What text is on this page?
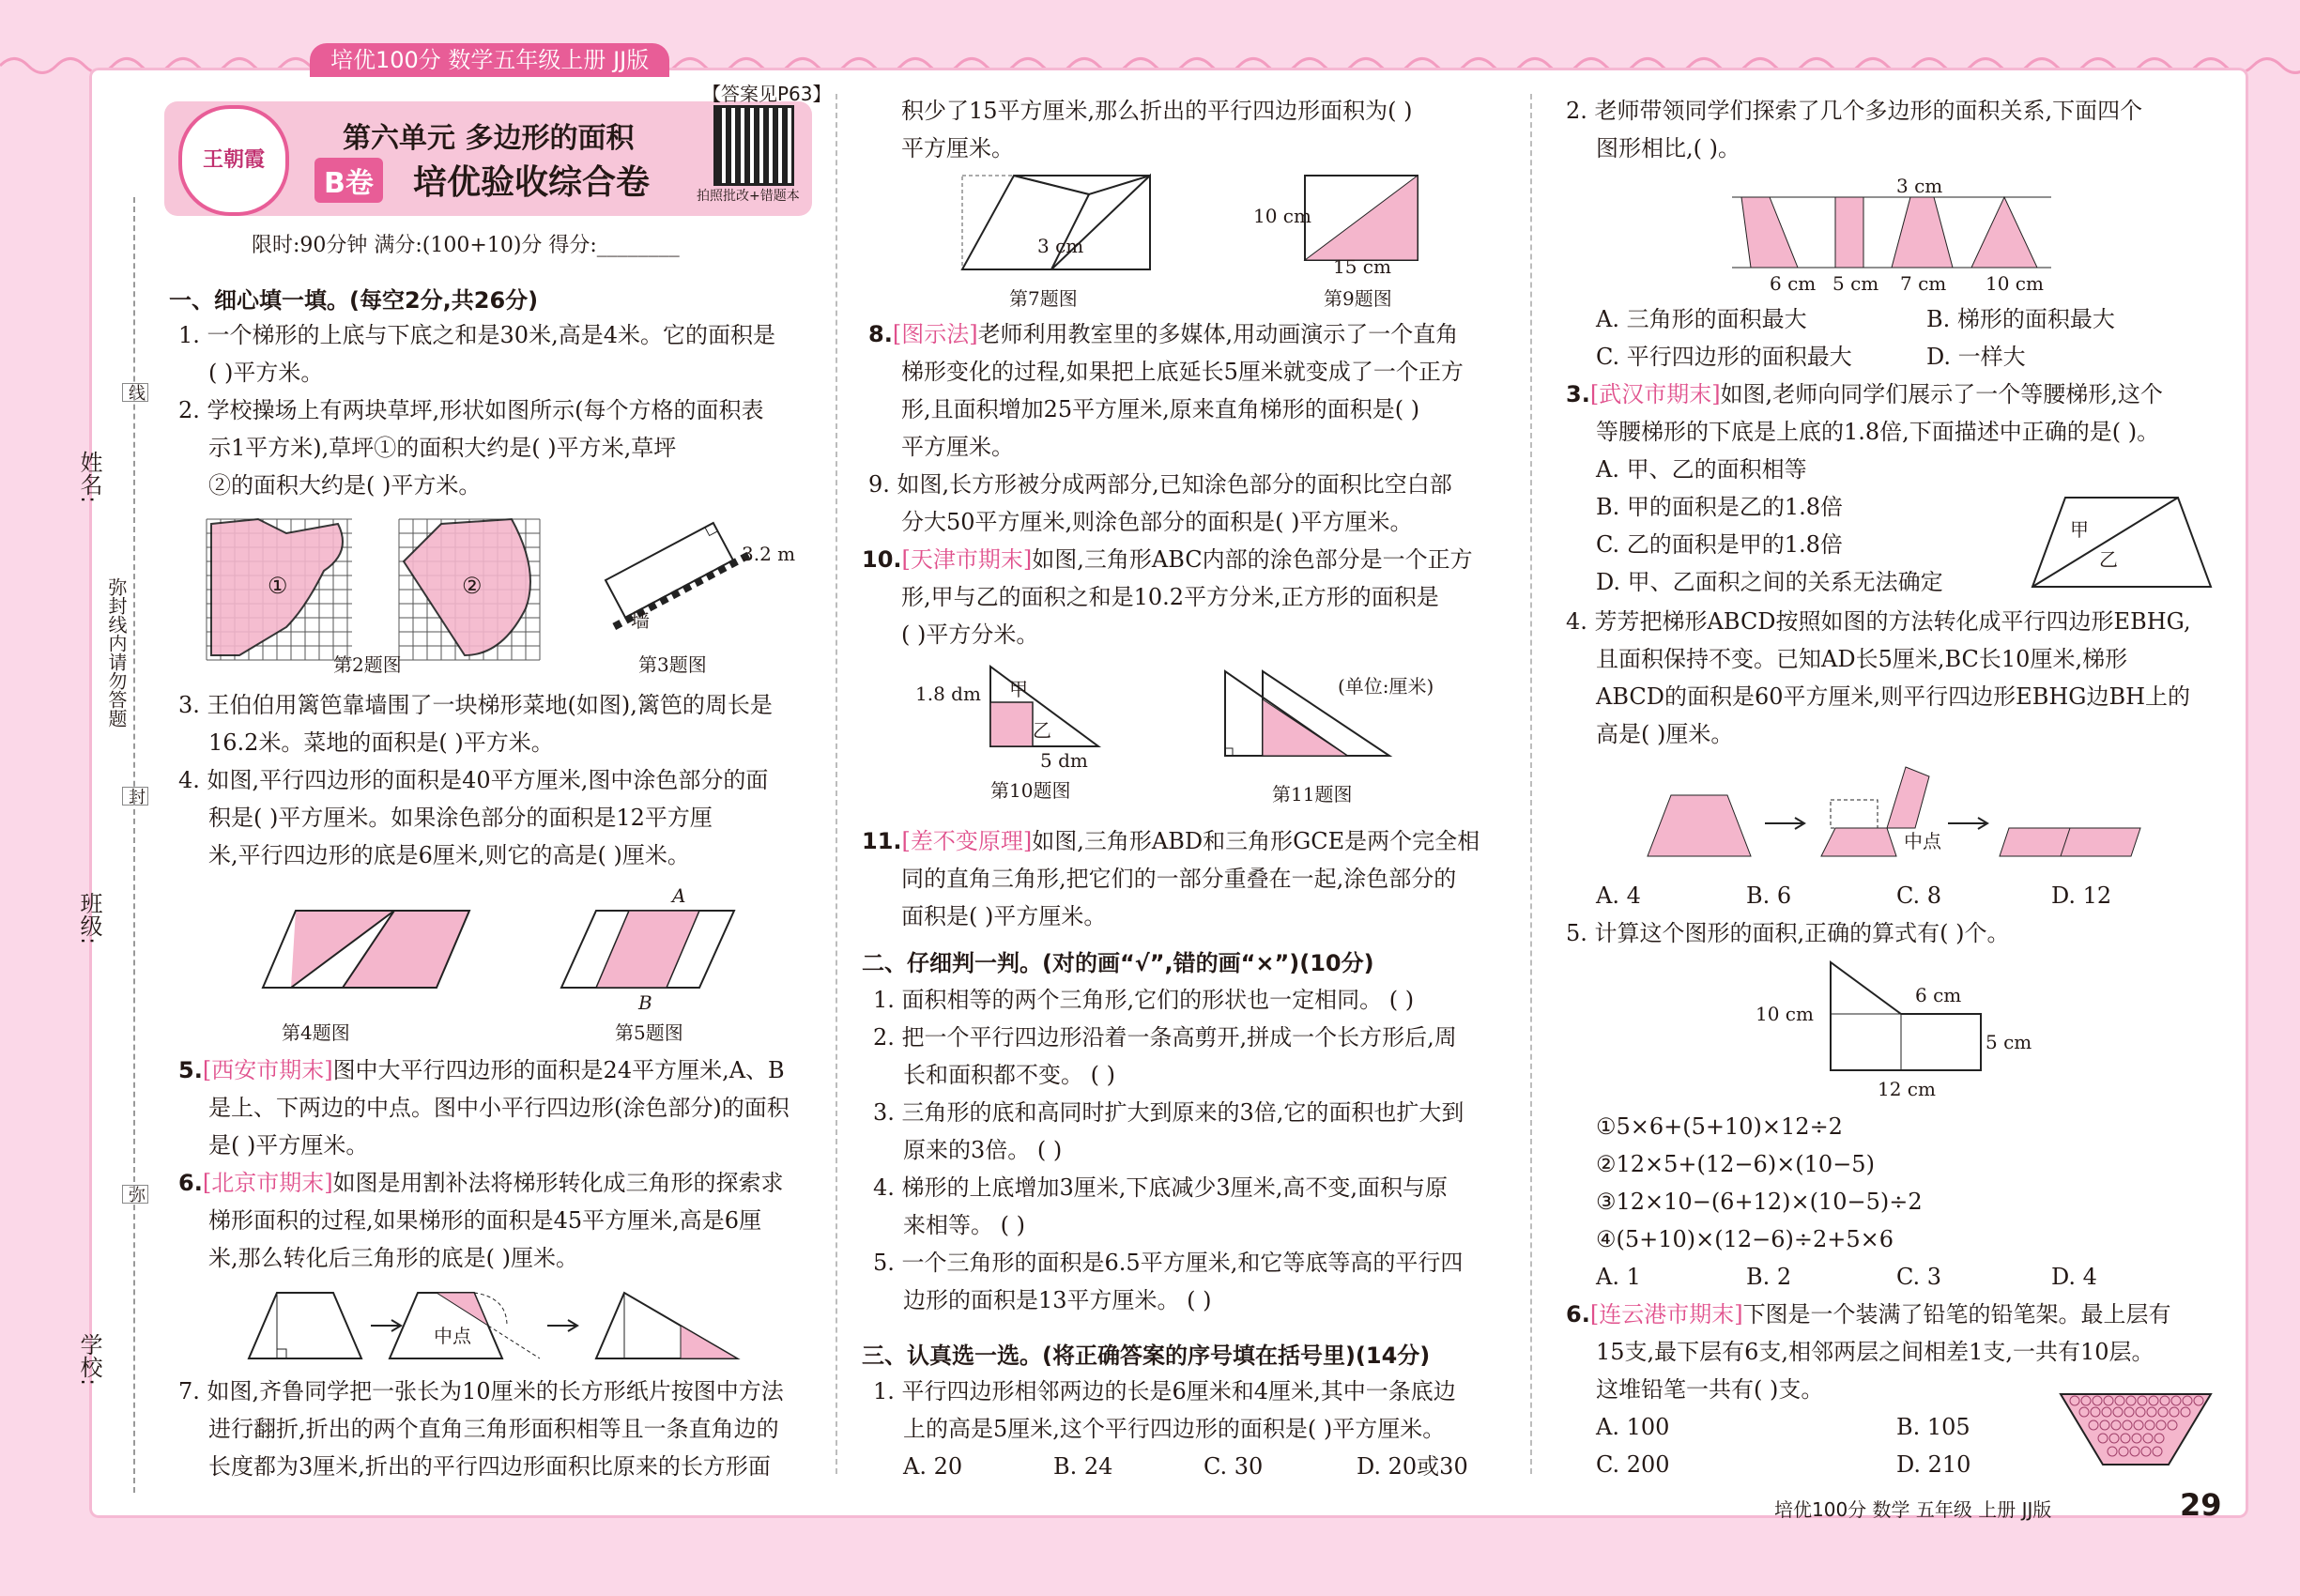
培优100分 数学五年级上册 JJ版
王朝霞
第六单元 多边形的面积
B卷 培优验收综合卷
【答案见P63】
拍照批改+错题本
限时:90分钟 满分:(100+10)分 得分:________
姓名:
班级:
学校:
弥封线内请勿答题
线
封
弥
一、细心填一填。(每空2分,共26分)
1. 一个梯形的上底与下底之和是30米,高是4米。它的面积是
( )平方米。
2. 学校操场上有两块草坪,形状如图所示(每个方格的面积表
示1平方米),草坪①的面积大约是( )平方米,草坪
②的面积大约是( )平方米。
①	②
3.2 m
墙
第2题图	第3题图
3. 王伯伯用篱笆靠墙围了一块梯形菜地(如图),篱笆的周长是
16.2米。菜地的面积是( )平方米。
4. 如图,平行四边形的面积是40平方厘米,图中涂色部分的面
积是( )平方厘米。如果涂色部分的面积是12平方厘
米,平行四边形的底是6厘米,则它的高是( )厘米。
A
B
第4题图	第5题图
5.[西安市期末]图中大平行四边形的面积是24平方厘米,A、B
是上、下两边的中点。图中小平行四边形(涂色部分)的面积
是( )平方厘米。
6.[北京市期末]如图是用割补法将梯形转化成三角形的探索求
梯形面积的过程,如果梯形的面积是45平方厘米,高是6厘
米,那么转化后三角形的底是( )厘米。
中点
7. 如图,齐鲁同学把一张长为10厘米的长方形纸片按图中方法
进行翻折,折出的两个直角三角形面积相等且一条直角边的
长度都为3厘米,折出的平行四边形面积比原来的长方形面
积少了15平方厘米,那么折出的平行四边形面积为( )
平方厘米。
3 cm
10 cm
15 cm
第7题图	第9题图
8.[图示法]老师利用教室里的多媒体,用动画演示了一个直角
梯形变化的过程,如果把上底延长5厘米就变成了一个正方
形,且面积增加25平方厘米,原来直角梯形的面积是( )
平方厘米。
9. 如图,长方形被分成两部分,已知涂色部分的面积比空白部
分大50平方厘米,则涂色部分的面积是( )平方厘米。
10.[天津市期末]如图,三角形ABC内部的涂色部分是一个正方
形,甲与乙的面积之和是10.2平方分米,正方形的面积是
( )平方分米。
1.8 dm
5 dm
甲
乙
(单位:厘米)
第10题图	第11题图
11.[差不变原理]如图,三角形ABD和三角形GCE是两个完全相
同的直角三角形,把它们的一部分重叠在一起,涂色部分的
面积是( )平方厘米。
二、仔细判一判。(对的画“√”,错的画“×”)(10分)
1. 面积相等的两个三角形,它们的形状也一定相同。 ( )
2. 把一个平行四边形沿着一条高剪开,拼成一个长方形后,周
长和面积都不变。 ( )
3. 三角形的底和高同时扩大到原来的3倍,它的面积也扩大到
原来的3倍。 ( )
4. 梯形的上底增加3厘米,下底减少3厘米,高不变,面积与原
来相等。 ( )
5. 一个三角形的面积是6.5平方厘米,和它等底等高的平行四
边形的面积是13平方厘米。 ( )
三、认真选一选。(将正确答案的序号填在括号里)(14分)
1. 平行四边形相邻两边的长是6厘米和4厘米,其中一条底边
上的高是5厘米,这个平行四边形的面积是( )平方厘米。
A. 20	B. 24	C. 30	D. 20或30
2. 老师带领同学们探索了几个多边形的面积关系,下面四个
图形相比,( )。
3 cm
6 cm 5 cm 7 cm 10 cm
A. 三角形的面积最大	B. 梯形的面积最大
C. 平行四边形的面积最大	D. 一样大
3.[武汉市期末]如图,老师向同学们展示了一个等腰梯形,这个
等腰梯形的下底是上底的1.8倍,下面描述中正确的是( )。
A. 甲、乙的面积相等
B. 甲的面积是乙的1.8倍
C. 乙的面积是甲的1.8倍
D. 甲、乙面积之间的关系无法确定
甲
乙
4. 芳芳把梯形ABCD按照如图的方法转化成平行四边形EBHG,
且面积保持不变。已知AD长5厘米,BC长10厘米,梯形
ABCD的面积是60平方厘米,则平行四边形EBHG边BH上的
高是( )厘米。
中点
A. 4	B. 6	C. 8	D. 12
5. 计算这个图形的面积,正确的算式有( )个。
10 cm
6 cm
5 cm
12 cm
①5×6+(5+10)×12÷2
②12×5+(12−6)×(10−5)
③12×10−(6+12)×(10−5)÷2
④(5+10)×(12−6)÷2+5×6
A. 1	B. 2	C. 3	D. 4
6.[连云港市期末]下图是一个装满了铅笔的铅笔架。最上层有
15支,最下层有6支,相邻两层之间相差1支,一共有10层。
这堆铅笔一共有( )支。
A. 100	B. 105
C. 200	D. 210
培优100分 数学 五年级 上册 JJ版	29
